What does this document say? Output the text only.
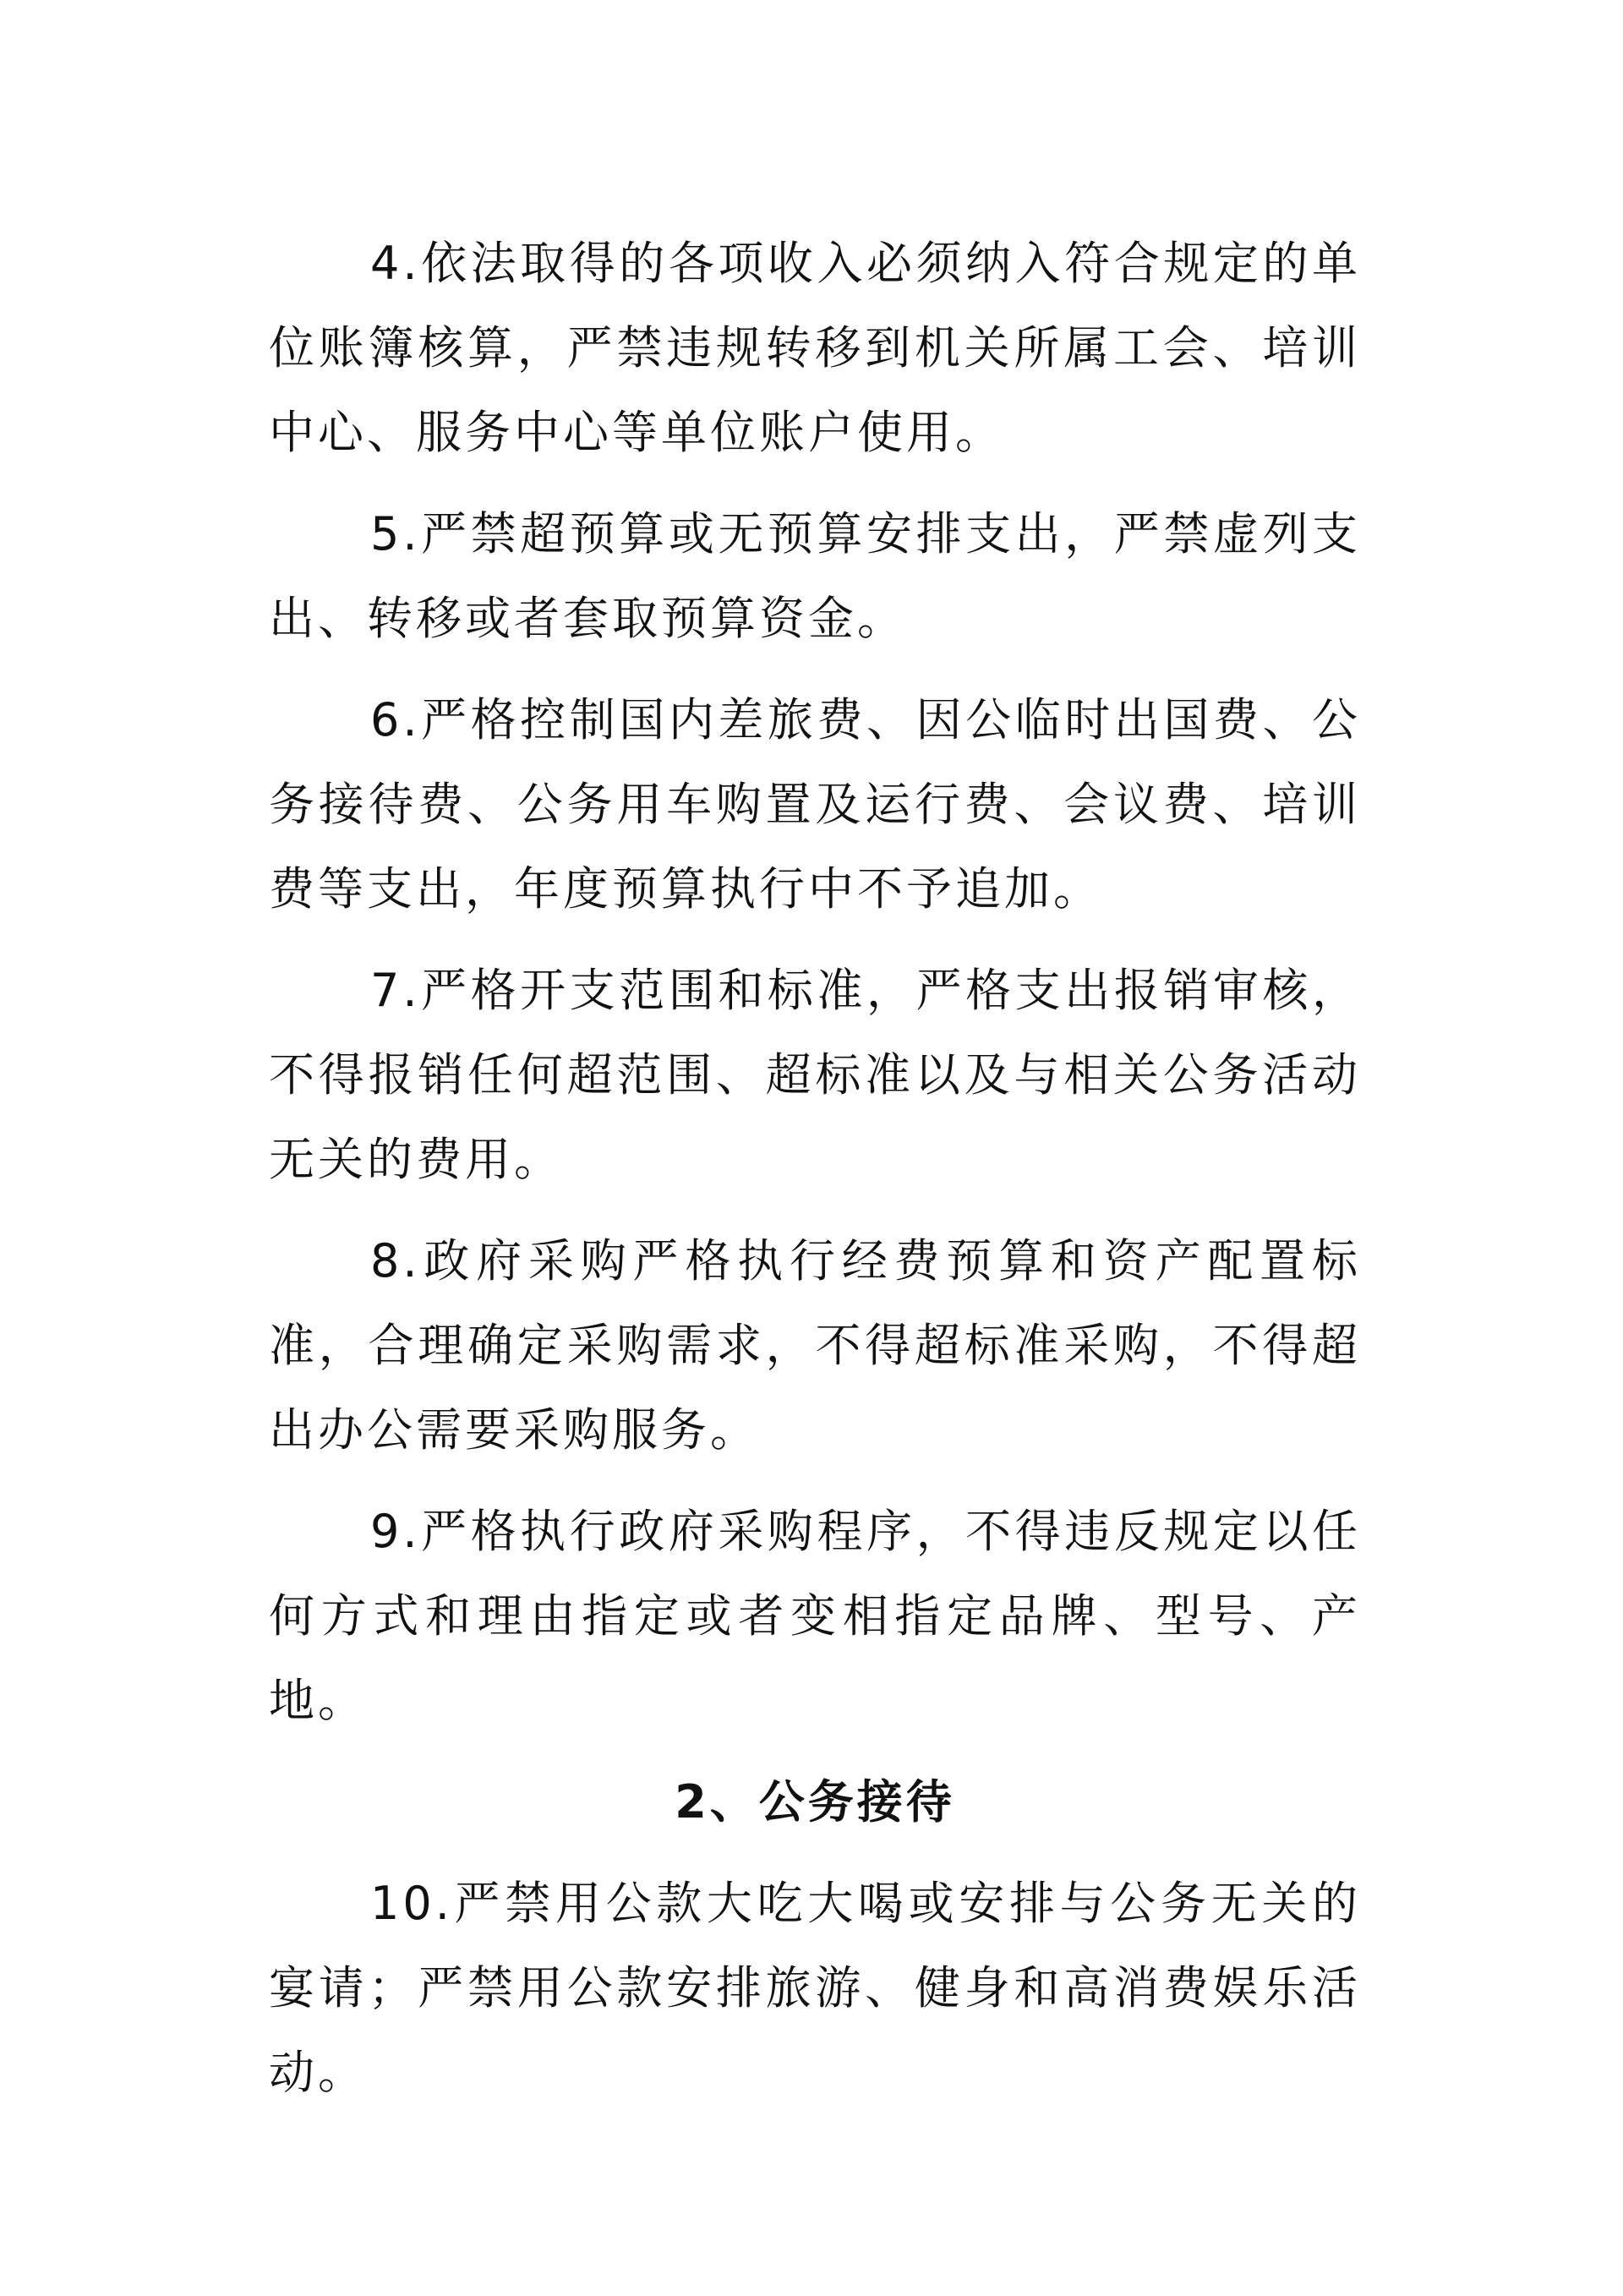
4.依法取得的各项收入必须纳入符合规定的单位账簿核算，严禁违规转移到机关所属工会、培训中心、服务中心等单位账户使用。

5.严禁超预算或无预算安排支出，严禁虚列支出、转移或者套取预算资金。

6.严格控制国内差旅费、因公临时出国费、公务接待费、公务用车购置及运行费、会议费、培训费等支出，年度预算执行中不予追加。

7.严格开支范围和标准，严格支出报销审核，不得报销任何超范围、超标准以及与相关公务活动无关的费用。

8.政府采购严格执行经费预算和资产配置标准，合理确定采购需求，不得超标准采购，不得超出办公需要采购服务。

9.严格执行政府采购程序，不得违反规定以任何方式和理由指定或者变相指定品牌、型号、产地。

2、公务接待

10.严禁用公款大吃大喝或安排与公务无关的宴请；严禁用公款安排旅游、健身和高消费娱乐活动。
